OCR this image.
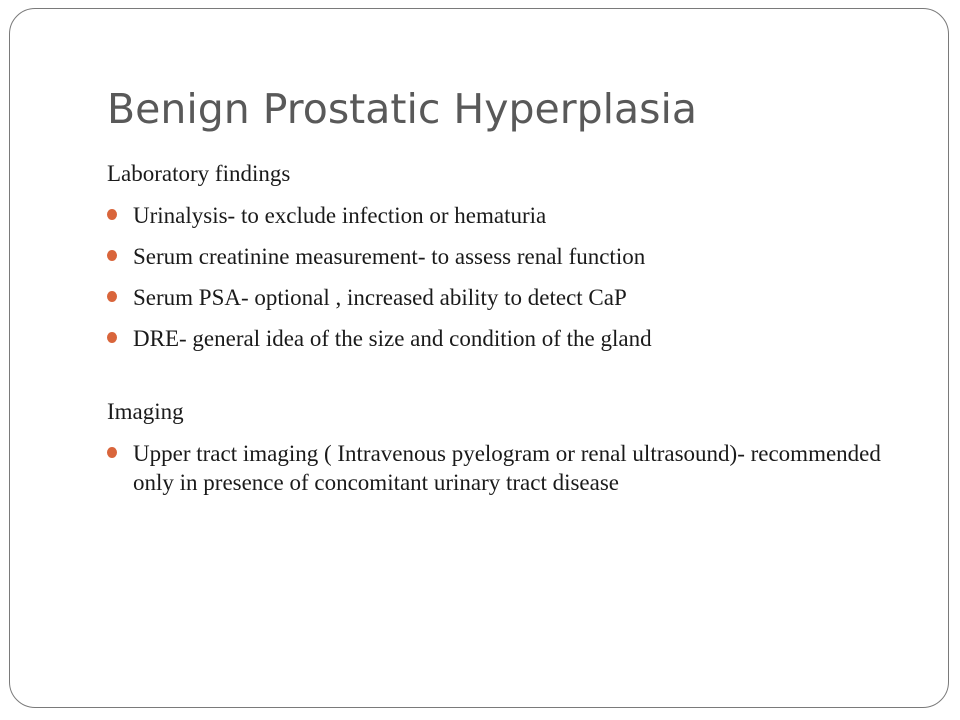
Benign Prostatic Hyperplasia

Laboratory findings

Urinalysis- to exclude infection or hematuria
Serum creatinine measurement- to assess renal function
Serum PSA- optional , increased ability to detect CaP
DRE- general idea of the size and condition of the gland

Imaging

Upper tract imaging ( Intravenous pyelogram or renal ultrasound)- recommended only in presence of concomitant urinary tract disease
